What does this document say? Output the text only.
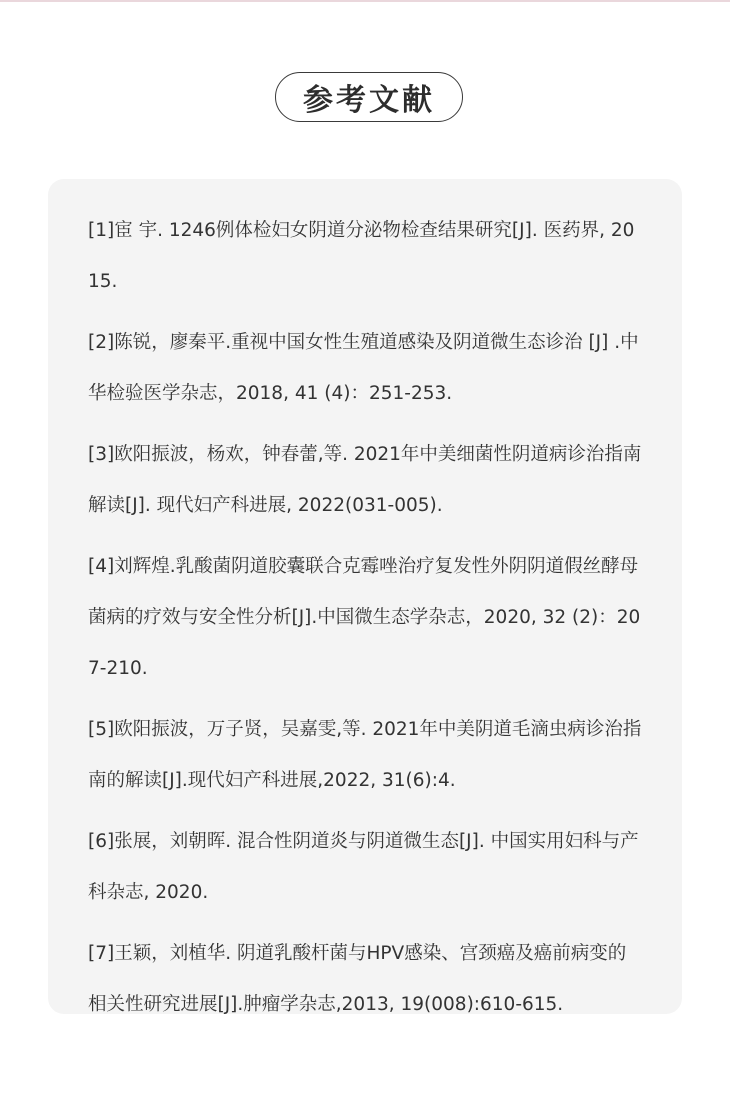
参考文献

[1]宦 宇. 1246例体检妇女阴道分泌物检查结果研究[J]. 医药界, 2015.

[2]陈锐，廖秦平.重视中国女性生殖道感染及阴道微生态诊治 [J] .中华检验医学杂志，2018, 41 (4)：251-253.

[3]欧阳振波，杨欢，钟春蕾,等. 2021年中美细菌性阴道病诊治指南解读[J]. 现代妇产科进展, 2022(031-005).

[4]刘辉煌.乳酸菌阴道胶囊联合克霉唑治疗复发性外阴阴道假丝酵母菌病的疗效与安全性分析[J].中国微生态学杂志，2020, 32 (2)：207-210.

[5]欧阳振波，万子贤，吴嘉雯,等. 2021年中美阴道毛滴虫病诊治指南的解读[J].现代妇产科进展,2022, 31(6):4.

[6]张展，刘朝晖. 混合性阴道炎与阴道微生态[J]. 中国实用妇科与产科杂志, 2020.

[7]王颖，刘植华. 阴道乳酸杆菌与HPV感染、宫颈癌及癌前病变的相关性研究进展[J].肿瘤学杂志,2013, 19(008):610-615.
